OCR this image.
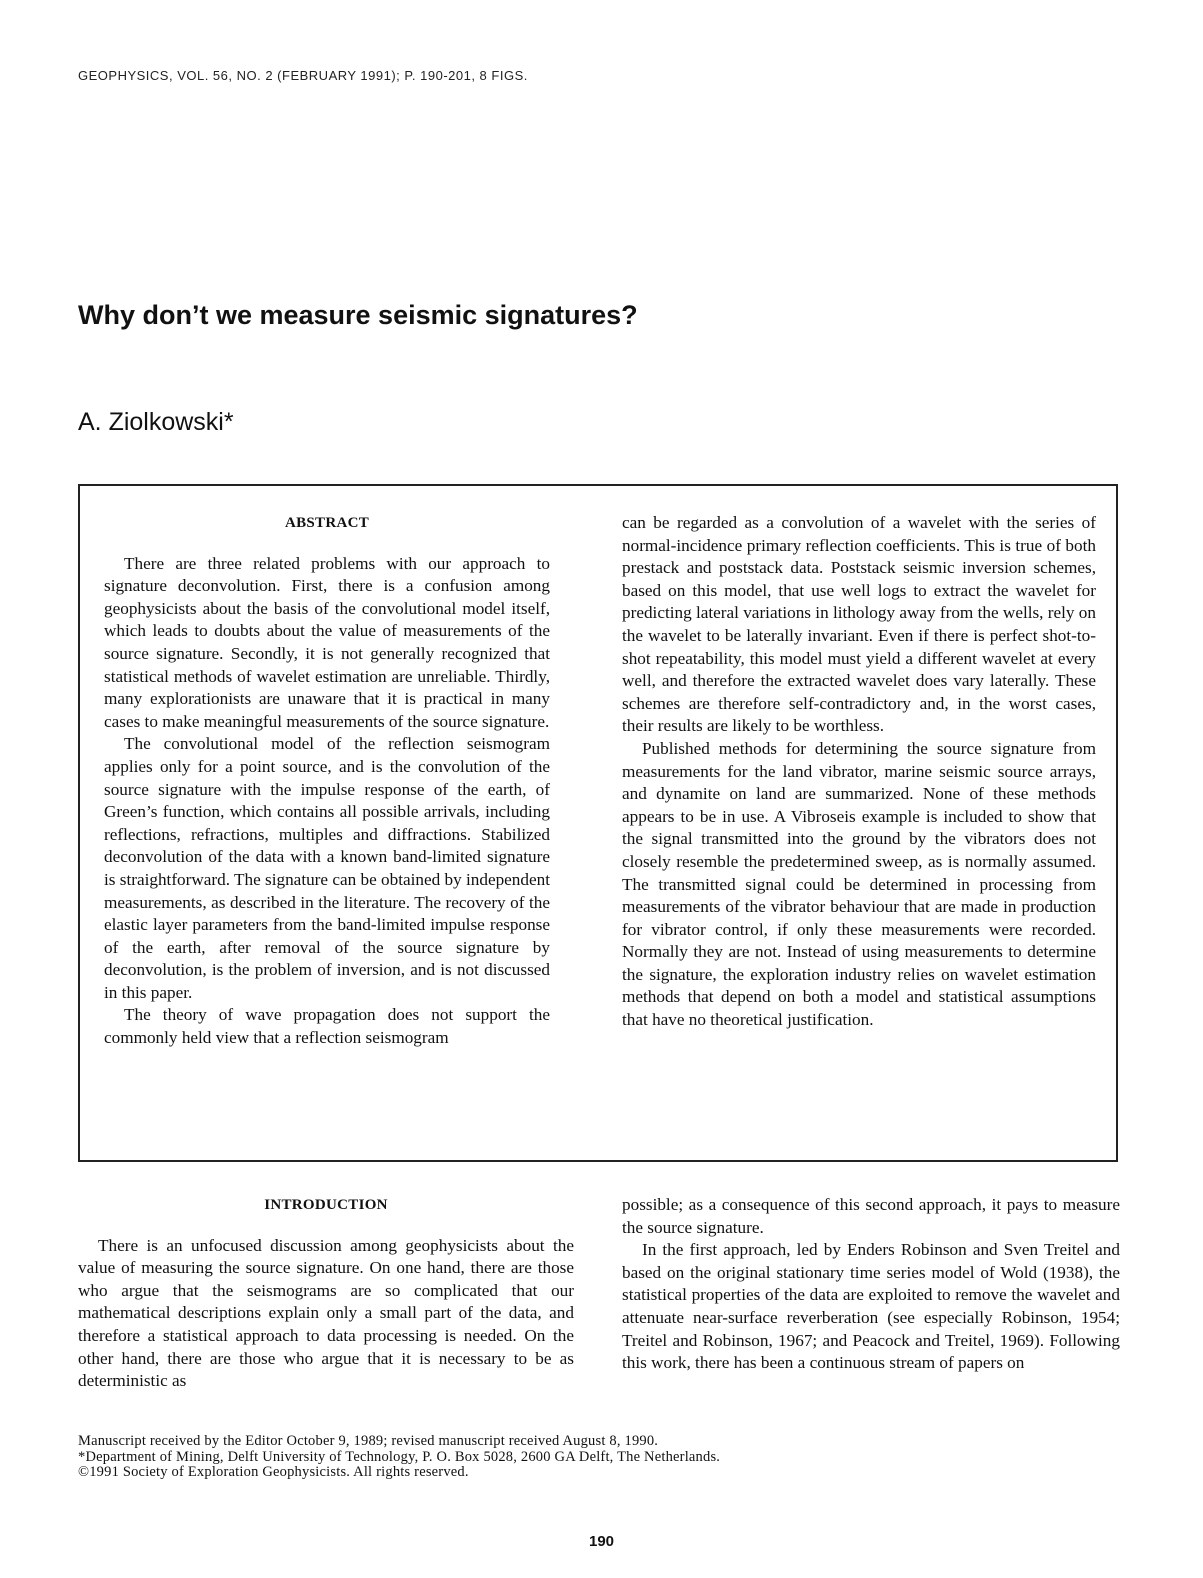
GEOPHYSICS, VOL. 56, NO. 2 (FEBRUARY 1991); P. 190-201, 8 FIGS.
Why don’t we measure seismic signatures?
A. Ziolkowski*

ABSTRACT

There are three related problems with our approach to signature deconvolution. First, there is a confusion among geophysicists about the basis of the convolutional model itself, which leads to doubts about the value of measurements of the source signature. Secondly, it is not generally recognized that statistical methods of wavelet estimation are unreliable. Thirdly, many explorationists are unaware that it is practical in many cases to make meaningful measurements of the source signature.

The convolutional model of the reflection seismogram applies only for a point source, and is the convolution of the source signature with the impulse response of the earth, of Green’s function, which contains all possible arrivals, including reflections, refractions, multiples and diffractions. Stabilized deconvolution of the data with a known band-limited signature is straightforward. The signature can be obtained by independent measurements, as described in the literature. The recovery of the elastic layer parameters from the band-limited impulse response of the earth, after removal of the source signature by deconvolution, is the problem of inversion, and is not discussed in this paper.

The theory of wave propagation does not support the commonly held view that a reflection seismogram

can be regarded as a convolution of a wavelet with the series of normal-incidence primary reflection coefficients. This is true of both prestack and poststack data. Poststack seismic inversion schemes, based on this model, that use well logs to extract the wavelet for predicting lateral variations in lithology away from the wells, rely on the wavelet to be laterally invariant. Even if there is perfect shot-to-shot repeatability, this model must yield a different wavelet at every well, and therefore the extracted wavelet does vary laterally. These schemes are therefore self-contradictory and, in the worst cases, their results are likely to be worthless.

Published methods for determining the source signature from measurements for the land vibrator, marine seismic source arrays, and dynamite on land are summarized. None of these methods appears to be in use. A Vibroseis example is included to show that the signal transmitted into the ground by the vibrators does not closely resemble the predetermined sweep, as is normally assumed. The transmitted signal could be determined in processing from measurements of the vibrator behaviour that are made in production for vibrator control, if only these measurements were recorded. Normally they are not. Instead of using measurements to determine the signature, the exploration industry relies on wavelet estimation methods that depend on both a model and statistical assumptions that have no theoretical justification.

INTRODUCTION

There is an unfocused discussion among geophysicists about the value of measuring the source signature. On one hand, there are those who argue that the seismograms are so complicated that our mathematical descriptions explain only a small part of the data, and therefore a statistical approach to data processing is needed. On the other hand, there are those who argue that it is necessary to be as deterministic as

possible; as a consequence of this second approach, it pays to measure the source signature.

In the first approach, led by Enders Robinson and Sven Treitel and based on the original stationary time series model of Wold (1938), the statistical properties of the data are exploited to remove the wavelet and attenuate near-surface reverberation (see especially Robinson, 1954; Treitel and Robinson, 1967; and Peacock and Treitel, 1969). Following this work, there has been a continuous stream of papers on

Manuscript received by the Editor October 9, 1989; revised manuscript received August 8, 1990.
*Department of Mining, Delft University of Technology, P. O. Box 5028, 2600 GA Delft, The Netherlands.
©1991 Society of Exploration Geophysicists. All rights reserved.
190
